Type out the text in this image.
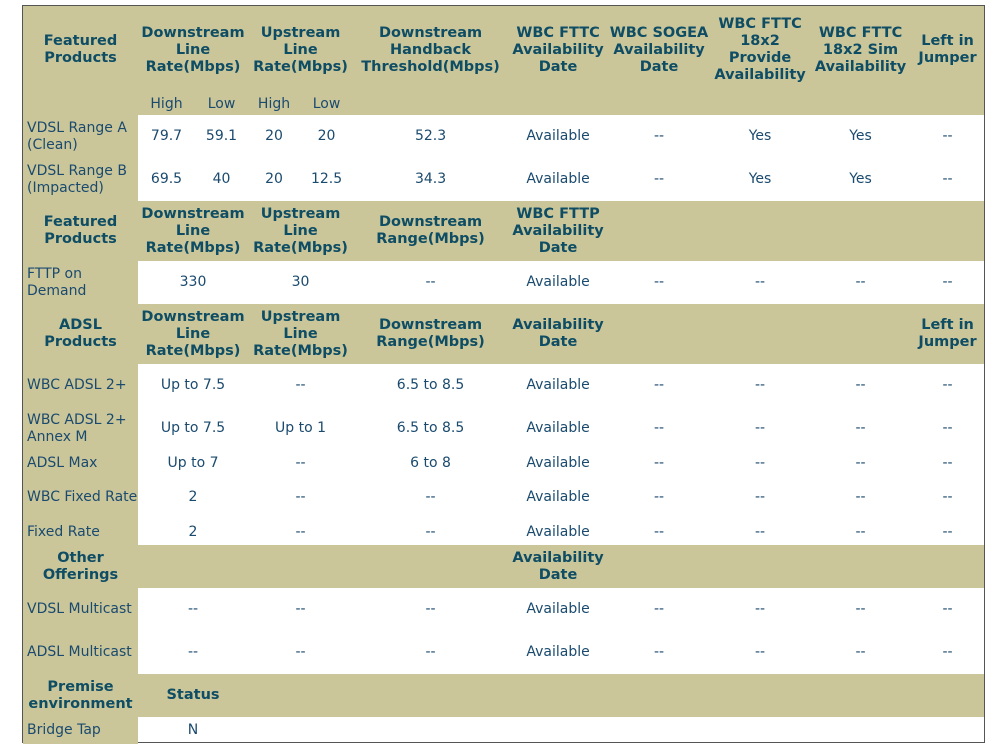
Featured Products	Downstream Line Rate(Mbps)		Upstream Line Rate(Mbps)		Downstream Handback Threshold(Mbps)	WBC FTTC Availability Date	WBC SOGEA Availability Date	WBC FTTC 18x2 Provide Availability	WBC FTTC 18x2 Sim Availability	Left in Jumper
	High	Low	High	Low						
VDSL Range A (Clean)	79.7	59.1	20	20	52.3	Available	--	Yes	Yes	--
VDSL Range B (Impacted)	69.5	40	20	12.5	34.3	Available	--	Yes	Yes	--
Featured Products	Downstream Line Rate(Mbps)		Upstream Line Rate(Mbps)		Downstream Range(Mbps)	WBC FTTP Availability Date				
FTTP on Demand	330		30		--	Available	--	--	--	--
ADSL Products	Downstream Line Rate(Mbps)		Upstream Line Rate(Mbps)		Downstream Range(Mbps)	Availability Date				Left in Jumper
WBC ADSL 2+	Up to 7.5		--		6.5 to 8.5	Available	--	--	--	--
WBC ADSL 2+ Annex M	Up to 7.5		Up to 1		6.5 to 8.5	Available	--	--	--	--
ADSL Max	Up to 7		--		6 to 8	Available	--	--	--	--
WBC Fixed Rate	2		--		--	Available	--	--	--	--
Fixed Rate	2		--		--	Available	--	--	--	--
Other Offerings						Availability Date				
VDSL Multicast	--		--		--	Available	--	--	--	--
ADSL Multicast	--		--		--	Available	--	--	--	--
Premise environment	Status									
Bridge Tap	N									
